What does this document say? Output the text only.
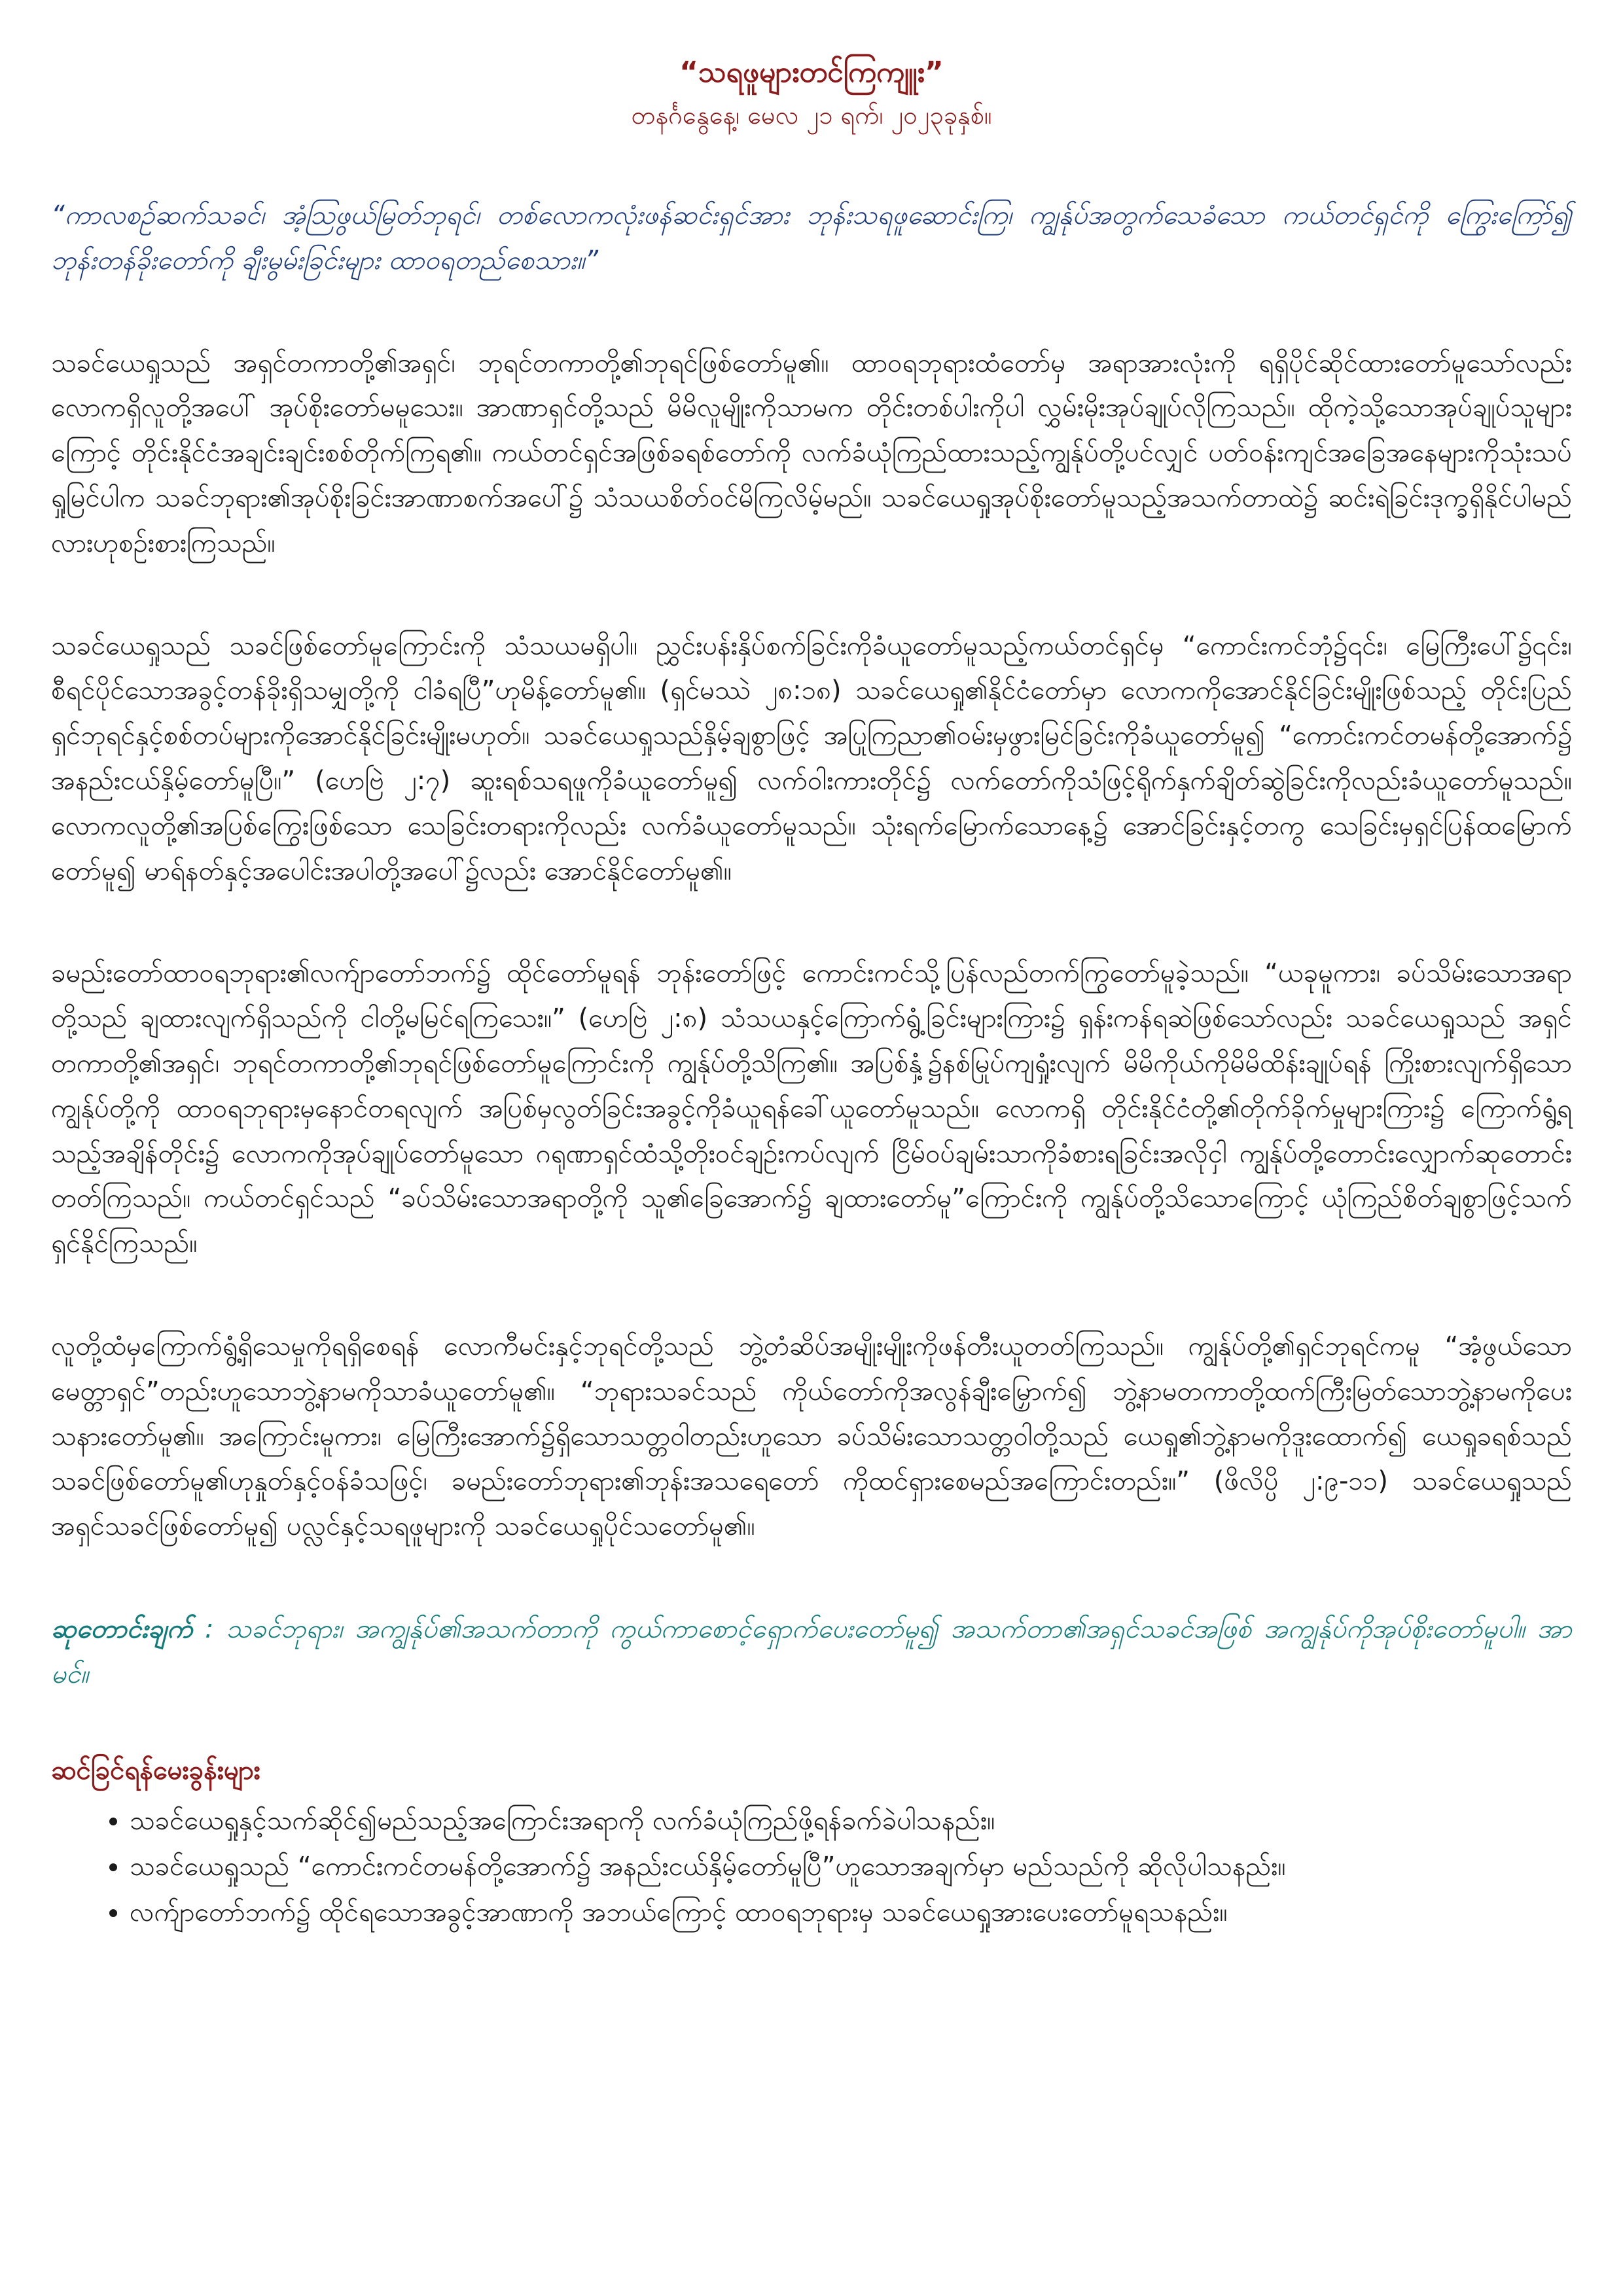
“သရဖူများတင်ကြကျူး”

တနင်္ဂနွေနေ့၊ မေလ ၂၁ ရက်၊ ၂၀၂၃ခုနှစ်။

“ကာလစဉ်ဆက်သခင်၊ အံ့ဩဖွယ်မြတ်ဘုရင်၊ တစ်လောကလုံးဖန်ဆင်းရှင်အား ဘုန်းသရဖူဆောင်းကြ၊ ကျွန်ုပ်အတွက်သေခံသော ကယ်တင်ရှင်ကို ကြွေးကြော်၍ ဘုန်းတန်ခိုးတော်ကို ချီးမွမ်းခြင်းများ ထာဝရတည်စေသား။”

သခင်ယေရှုသည် အရှင်တကာတို့၏အရှင်၊ ဘုရင်တကာတို့၏ဘုရင်ဖြစ်တော်မူ၏။ ထာဝရဘုရားထံတော်မှ အရာအားလုံးကို ရရှိပိုင်ဆိုင်ထားတော်မူသော်လည်း လောကရှိလူတို့အပေါ် အုပ်စိုးတော်မမူသေး။ အာဏာရှင်တို့သည် မိမိလူမျိုးကိုသာမက တိုင်းတစ်ပါးကိုပါ လွှမ်းမိုးအုပ်ချုပ်လိုကြသည်။ ထိုကဲ့သို့သောအုပ်ချုပ်သူများကြောင့် တိုင်းနိုင်ငံအချင်းချင်းစစ်တိုက်ကြရ၏။ ကယ်တင်ရှင်အဖြစ်ခရစ်တော်ကို လက်ခံယုံကြည်ထားသည့်ကျွန်ုပ်တို့ပင်လျှင် ပတ်ဝန်းကျင်အခြေအနေများကိုသုံးသပ်ရှုမြင်ပါက သခင်ဘုရား၏အုပ်စိုးခြင်းအာဏာစက်အပေါ်၌ သံသယစိတ်ဝင်မိကြလိမ့်မည်။ သခင်ယေရှုအုပ်စိုးတော်မူသည့်အသက်တာထဲ၌ ဆင်းရဲခြင်းဒုက္ခရှိနိုင်ပါမည်လားဟုစဉ်းစားကြသည်။

သခင်ယေရှုသည် သခင်ဖြစ်တော်မူကြောင်းကို သံသယမရှိပါ။ ညွှင်းပန်းနှိပ်စက်ခြင်းကိုခံယူတော်မူသည့်ကယ်တင်ရှင်မှ “ကောင်းကင်ဘုံ၌၎င်း၊ မြေကြီးပေါ်၌၎င်း၊ စီရင်ပိုင်သောအခွင့်တန်ခိုးရှိသမျှတို့ကို ငါခံရပြီ”ဟုမိန့်တော်မူ၏။ (ရှင်မဿဲ ၂၈:၁၈) သခင်ယေရှု၏နိုင်ငံတော်မှာ လောကကိုအောင်နိုင်ခြင်းမျိုးဖြစ်သည့် တိုင်းပြည်ရှင်ဘုရင်နှင့်စစ်တပ်များကိုအောင်နိုင်ခြင်းမျိုးမဟုတ်။ သခင်ယေရှုသည်နှိမ့်ချစွာဖြင့် အပြုကြညာ၏ဝမ်းမှဖွားမြင်ခြင်းကိုခံယူတော်မူ၍ “ကောင်းကင်တမန်တို့အောက်၌ အနည်းငယ်နှိမ့်တော်မူပြီ။” (ဟေဗြဲ ၂:၇) ဆူးရစ်သရဖူကိုခံယူတော်မူ၍ လက်ဝါးကားတိုင်၌ လက်တော်ကိုသံဖြင့်ရိုက်နှက်ချိတ်ဆွဲခြင်းကိုလည်းခံယူတော်မူသည်။ လောကလူတို့၏အပြစ်ကြွေးဖြစ်သော သေခြင်းတရားကိုလည်း လက်ခံယူတော်မူသည်။ သုံးရက်မြောက်သောနေ့၌ အောင်ခြင်းနှင့်တကွ သေခြင်းမှရှင်ပြန်ထမြောက်တော်မူ၍ မာရ်နတ်နှင့်အပေါင်းအပါတို့အပေါ်၌လည်း အောင်နိုင်တော်မူ၏။

ခမည်းတော်ထာဝရဘုရား၏လက်ျာတော်ဘက်၌ ထိုင်တော်မူရန် ဘုန်းတော်ဖြင့် ကောင်းကင်သို့ပြန်လည်တက်ကြွတော်မူခဲ့သည်။ “ယခုမူကား၊ ခပ်သိမ်းသောအရာတို့သည် ချထားလျက်ရှိသည်ကို ငါတို့မမြင်ရကြသေး။” (ဟေဗြဲ ၂:၈) သံသယနှင့်ကြောက်ရွံ့ခြင်းများကြား၌ ရှန်းကန်ရဆဲဖြစ်သော်လည်း သခင်ယေရှုသည် အရှင်တကာတို့၏အရှင်၊ ဘုရင်တကာတို့၏ဘုရင်ဖြစ်တော်မူကြောင်းကို ကျွန်ုပ်တို့သိကြ၏။ အပြစ်နှံ့၌နစ်မြုပ်ကျရှုံးလျက် မိမိကိုယ်ကိုမိမိထိန်းချုပ်ရန် ကြိုးစားလျက်ရှိသောကျွန်ုပ်တို့ကို ထာဝရဘုရားမှနောင်တရလျက် အပြစ်မှလွတ်ခြင်းအခွင့်ကိုခံယူရန်ခေါ်ယူတော်မူသည်။ လောကရှိ တိုင်းနိုင်ငံတို့၏တိုက်ခိုက်မှုများကြား၌ ကြောက်ရွံ့ရသည့်အချိန်တိုင်း၌ လောကကိုအုပ်ချုပ်တော်မူသော ဂရုဏာရှင်ထံသို့တိုးဝင်ချဉ်းကပ်လျက် ငြိမ်ဝပ်ချမ်းသာကိုခံစားရခြင်းအလိုငှါ ကျွန်ုပ်တို့တောင်းလျှောက်ဆုတောင်းတတ်ကြသည်။ ကယ်တင်ရှင်သည် “ခပ်သိမ်းသောအရာတို့ကို သူ၏ခြေအောက်၌ ချထားတော်မူ”ကြောင်းကို ကျွန်ုပ်တို့သိသောကြောင့် ယုံကြည်စိတ်ချစွာဖြင့်သက်ရှင်နိုင်ကြသည်။

လူတို့ထံမှကြောက်ရွံ့ရှိသေမှုကိုရရှိစေရန် လောကီမင်းနှင့်ဘုရင်တို့သည် ဘွဲ့တံဆိပ်အမျိုးမျိုးကိုဖန်တီးယူတတ်ကြသည်။ ကျွန်ုပ်တို့၏ရှင်ဘုရင်ကမူ “အံ့ဖွယ်သောမေတ္တာရှင်”တည်းဟူသောဘွဲ့နာမကိုသာခံယူတော်မူ၏။ “ဘုရားသခင်သည် ကိုယ်တော်ကိုအလွန်ချီးမြှောက်၍ ဘွဲ့နာမတကာတို့ထက်ကြီးမြတ်သောဘွဲ့နာမကိုပေးသနားတော်မူ၏။ အကြောင်းမူကား၊ မြေကြီးအောက်၌ရှိသောသတ္တဝါတည်းဟူသော ခပ်သိမ်းသောသတ္တဝါတို့သည် ယေရှု၏ဘွဲ့နာမကိုဒူးထောက်၍ ယေရှုခရစ်သည်သခင်ဖြစ်တော်မူ၏ဟုနှုတ်နှင့်ဝန်ခံသဖြင့်၊ ခမည်းတော်ဘုရား၏ဘုန်းအသရေတော် ကိုထင်ရှားစေမည်အကြောင်းတည်း။” (ဖိလိပ္ပိ ၂:၉-၁၁) သခင်ယေရှုသည် အရှင်သခင်ဖြစ်တော်မူ၍ ပလ္လင်နှင့်သရဖူများကို သခင်ယေရှုပိုင်သတော်မူ၏။

ဆုတောင်းချက် : သခင်ဘုရား၊ အကျွန်ုပ်၏အသက်တာကို ကွယ်ကာစောင့်ရှောက်ပေးတော်မူ၍ အသက်တာ၏အရှင်သခင်အဖြစ် အကျွန်ုပ်ကိုအုပ်စိုးတော်မူပါ။ အာမင်။

ဆင်ခြင်ရန်မေးခွန်းများ

• သခင်ယေရှုနှင့်သက်ဆိုင်၍မည်သည့်အကြောင်းအရာကို လက်ခံယုံကြည်ဖို့ရန်ခက်ခဲပါသနည်း။
• သခင်ယေရှုသည် “ကောင်းကင်တမန်တို့အောက်၌ အနည်းငယ်နှိမ့်တော်မူပြီ”ဟူသောအချက်မှာ မည်သည်ကို ဆိုလိုပါသနည်း။
• လက်ျာတော်ဘက်၌ ထိုင်ရသောအခွင့်အာဏာကို အဘယ်ကြောင့် ထာဝရဘုရားမှ သခင်ယေရှုအားပေးတော်မူရသနည်း။
